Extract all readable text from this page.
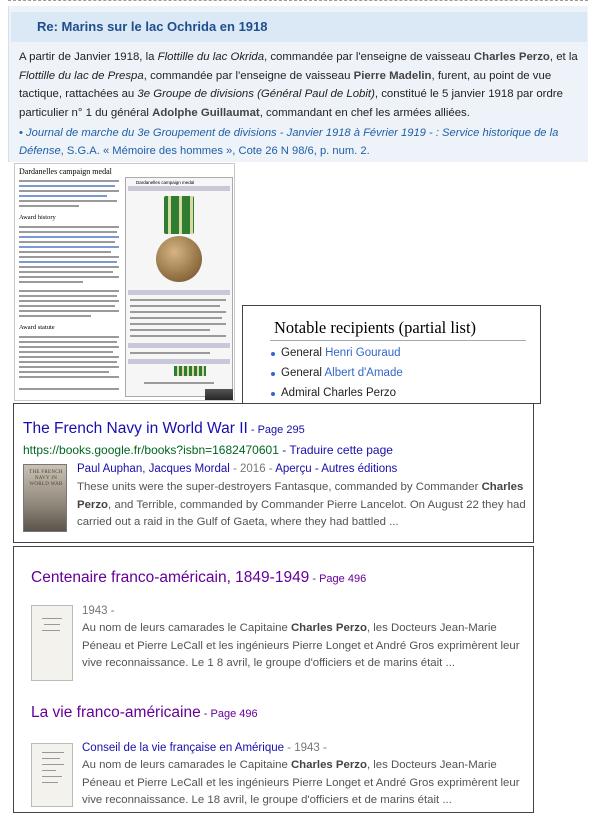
Re: Marins sur le lac Ochrida en 1918

A partir de Janvier 1918, la Flottille du lac Okrida, commandée par l'enseigne de vaisseau Charles Perzo, et la Flottille du lac de Prespa, commandée par l'enseigne de vaisseau Pierre Madelin, furent, au point de vue tactique, rattachées au 3e Groupe de divisions (Général Paul de Lobit), constitué le 5 janvier 1918 par ordre particulier n° 1 du général Adolphe Guillaumat, commandant en chef les armées alliées.

• Journal de marche du 3e Groupement de divisions - Janvier 1918 à Février 1919 - : Service historique de la Défense, S.G.A. « Mémoire des hommes », Cote 26 N 98/6, p. num. 2.

Dardanelles campaign medal
Award history
Award statute
Dardanelles campaign medal
Notable recipients (partial list)
General Henri Gouraud
General Albert d'Amade
Admiral Charles Perzo
The French Navy in World War II - Page 295
https://books.google.fr/books?isbn=1682470601 - Traduire cette page
THE FRENCH NAVY IN WORLD WAR
Paul Auphan, Jacques Mordal - 2016 - Aperçu - Autres éditions

These units were the super-destroyers Fantasque, commanded by Commander Charles Perzo, and Terrible, commanded by Commander Pierre Lancelot. On August 22 they had carried out a raid in the Gulf of Gaeta, where they had battled ...

Centenaire franco-américain, 1849-1949 - Page 496
1943 -

Au nom de leurs camarades le Capitaine Charles Perzo, les Docteurs Jean-Marie Péneau et Pierre LeCall et les ingénieurs Pierre Longet et André Gros exprimèrent leur vive reconnaissance. Le 1 8 avril, le groupe d'officiers et de marins était ...

La vie franco-américaine - Page 496
Conseil de la vie française en Amérique - 1943 -

Au nom de leurs camarades le Capitaine Charles Perzo, les Docteurs Jean-Marie Péneau et Pierre LeCall et les ingénieurs Pierre Longet et André Gros exprimèrent leur vive reconnaissance. Le 18 avril, le groupe d'officiers et de marins était ...
